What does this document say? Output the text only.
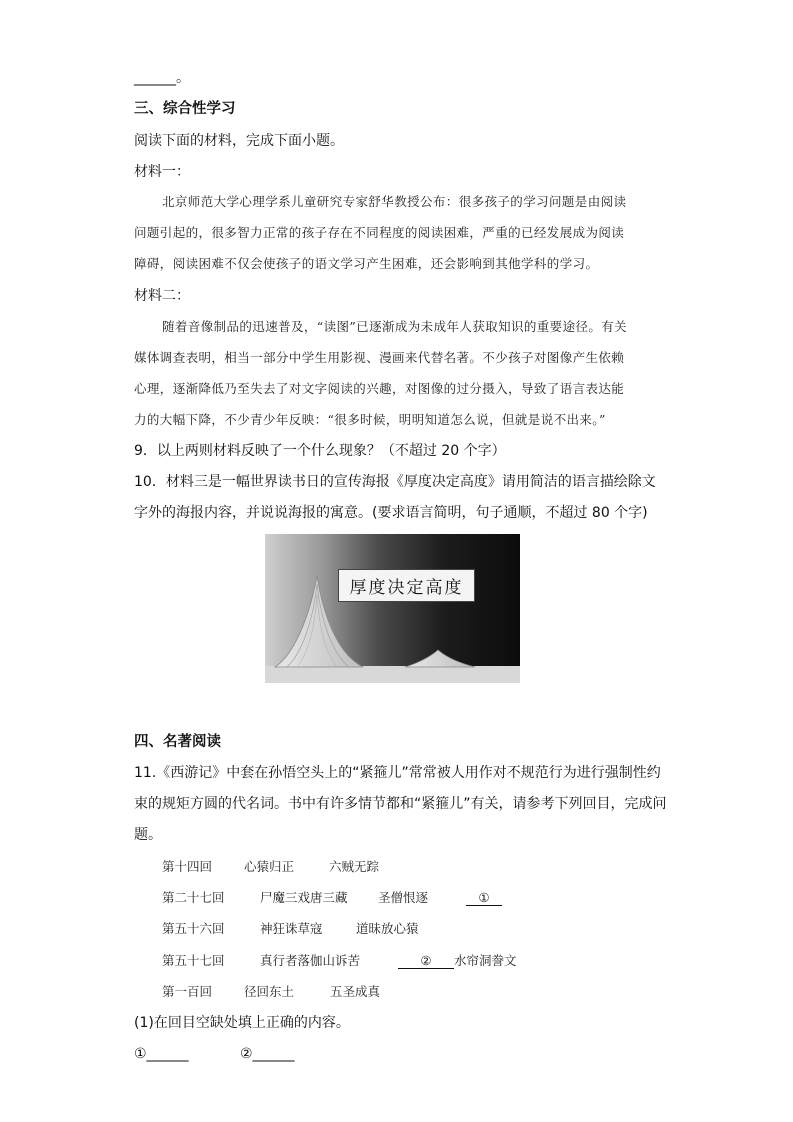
______。
三、综合性学习
阅读下面的材料，完成下面小题。
材料一：
北京师范大学心理学系儿童研究专家舒华教授公布：很多孩子的学习问题是由阅读
问题引起的，很多智力正常的孩子存在不同程度的阅读困难，严重的已经发展成为阅读
障碍，阅读困难不仅会使孩子的语文学习产生困难，还会影响到其他学科的学习。
材料二：
随着音像制品的迅速普及，“读图”已逐渐成为未成年人获取知识的重要途径。有关
媒体调查表明，相当一部分中学生用影视、漫画来代替名著。不少孩子对图像产生依赖
心理，逐渐降低乃至失去了对文字阅读的兴趣，对图像的过分摄入，导致了语言表达能
力的大幅下降，不少青少年反映：“很多时候，明明知道怎么说，但就是说不出来。”
9．以上两则材料反映了一个什么现象？（不超过 20 个字）
10．材料三是一幅世界读书日的宣传海报《厚度决定高度》请用简洁的语言描绘除文
字外的海报内容，并说说海报的寓意。(要求语言简明，句子通顺，不超过 80 个字)
厚度决定高度
四、名著阅读
11.《西游记》中套在孙悟空头上的“紧箍儿”常常被人用作对不规范行为进行强制性约
束的规矩方圆的代名词。书中有许多情节都和“紧箍儿”有关，请参考下列回目，完成问
题。
第十四回	心猿归正	六贼无踪
第二十七回	尸魔三戏唐三藏 圣僧恨逐	①
第五十六回	神狂诛草寇	道昧放心猿
第五十七回	真行者落伽山诉苦	② 水帘洞誊文
第一百回	径回东土	五圣成真
(1)在回目空缺处填上正确的内容。
①______	②______
